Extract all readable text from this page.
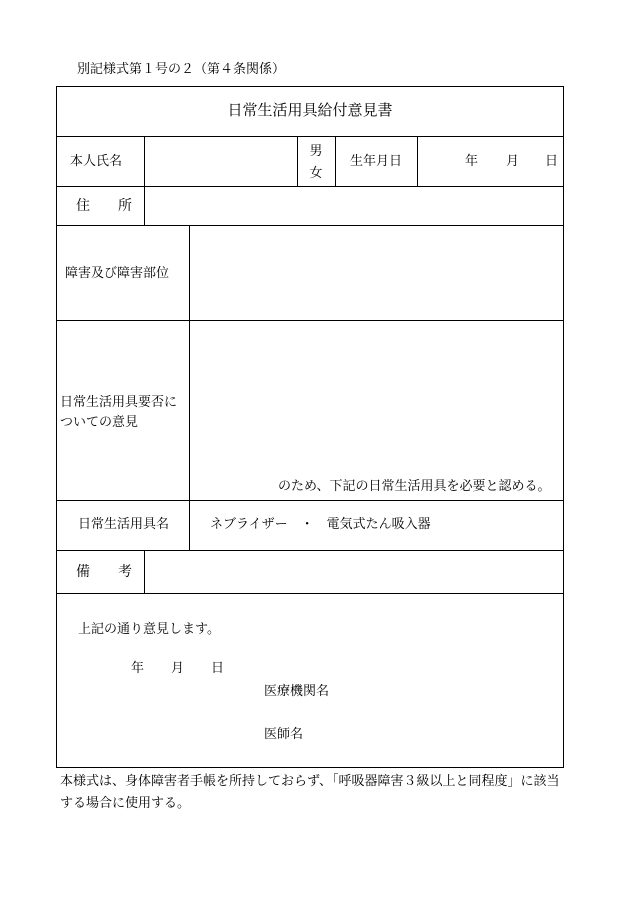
別記様式第１号の２（第４条関係）
日常生活用具給付意見書
本人氏名
男
女
生年月日	年 月 日
住　　所
障害及び障害部位
日常生活用具要否に
ついての意見
のため、下記の日常生活用具を必要と認める。
日常生活用具名	ネブライザー　・　電気式たん吸入器
備　　考
上記の通り意見します。
年 月 日
医療機関名
医師名
本様式は、身体障害者手帳を所持しておらず、「呼吸器障害３級以上と同程度」に該当
する場合に使用する。
